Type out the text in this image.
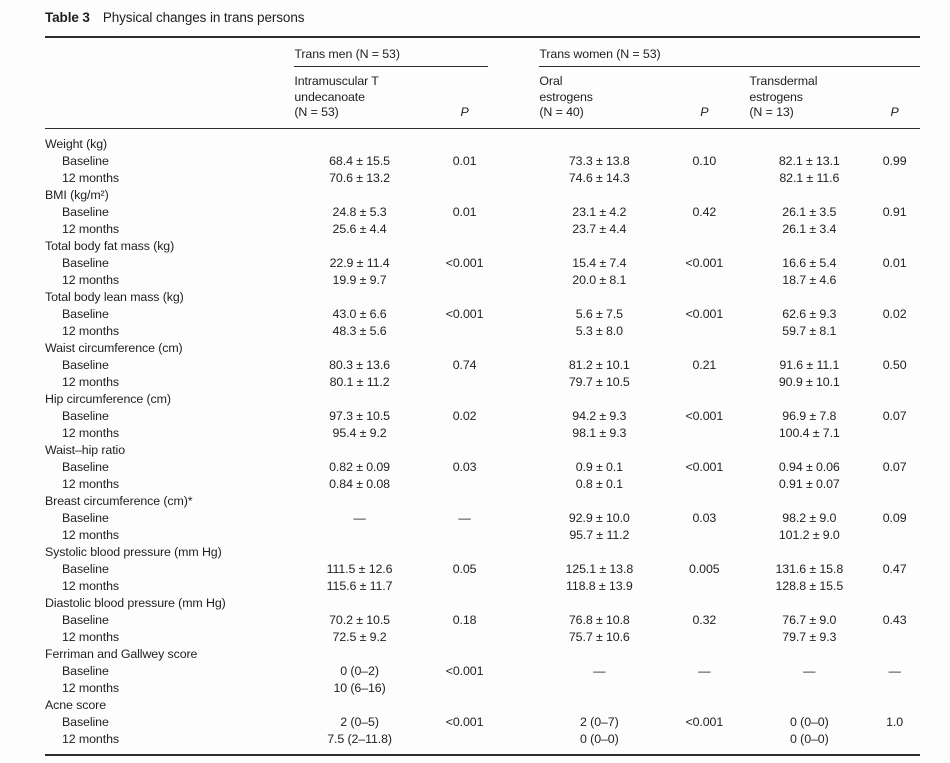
Table 3 Physical changes in trans persons

	Trans men (N = 53)			Trans women (N = 53)			

	Intramuscular T
undecanoate
(N = 53)	P		Oral
estrogens
(N = 40)	P	Transdermal
estrogens
(N = 13)	P
Weight (kg)							
Baseline	68.4 ± 15.5	0.01		73.3 ± 13.8	0.10	82.1 ± 13.1	0.99
12 months	70.6 ± 13.2			74.6 ± 14.3		82.1 ± 11.6	
BMI (kg/m²)							
Baseline	24.8 ± 5.3	0.01		23.1 ± 4.2	0.42	26.1 ± 3.5	0.91
12 months	25.6 ± 4.4			23.7 ± 4.4		26.1 ± 3.4	
Total body fat mass (kg)							
Baseline	22.9 ± 11.4	<0.001		15.4 ± 7.4	<0.001	16.6 ± 5.4	0.01
12 months	19.9 ± 9.7			20.0 ± 8.1		18.7 ± 4.6	
Total body lean mass (kg)							
Baseline	43.0 ± 6.6	<0.001		5.6 ± 7.5	<0.001	62.6 ± 9.3	0.02
12 months	48.3 ± 5.6			5.3 ± 8.0		59.7 ± 8.1	
Waist circumference (cm)							
Baseline	80.3 ± 13.6	0.74		81.2 ± 10.1	0.21	91.6 ± 11.1	0.50
12 months	80.1 ± 11.2			79.7 ± 10.5		90.9 ± 10.1	
Hip circumference (cm)							
Baseline	97.3 ± 10.5	0.02		94.2 ± 9.3	<0.001	96.9 ± 7.8	0.07
12 months	95.4 ± 9.2			98.1 ± 9.3		100.4 ± 7.1	
Waist–hip ratio							
Baseline	0.82 ± 0.09	0.03		0.9 ± 0.1	<0.001	0.94 ± 0.06	0.07
12 months	0.84 ± 0.08			0.8 ± 0.1		0.91 ± 0.07	
Breast circumference (cm)*							
Baseline	—	—		92.9 ± 10.0	0.03	98.2 ± 9.0	0.09
12 months				95.7 ± 11.2		101.2 ± 9.0	
Systolic blood pressure (mm Hg)							
Baseline	111.5 ± 12.6	0.05		125.1 ± 13.8	0.005	131.6 ± 15.8	0.47
12 months	115.6 ± 11.7			118.8 ± 13.9		128.8 ± 15.5	
Diastolic blood pressure (mm Hg)							
Baseline	70.2 ± 10.5	0.18		76.8 ± 10.8	0.32	76.7 ± 9.0	0.43
12 months	72.5 ± 9.2			75.7 ± 10.6		79.7 ± 9.3	
Ferriman and Gallwey score							
Baseline	0 (0–2)	<0.001		—	—	—	—
12 months	10 (6–16)						
Acne score							
Baseline	2 (0–5)	<0.001		2 (0–7)	<0.001	0 (0–0)	1.0
12 months	7.5 (2–11.8)			0 (0–0)		0 (0–0)	
